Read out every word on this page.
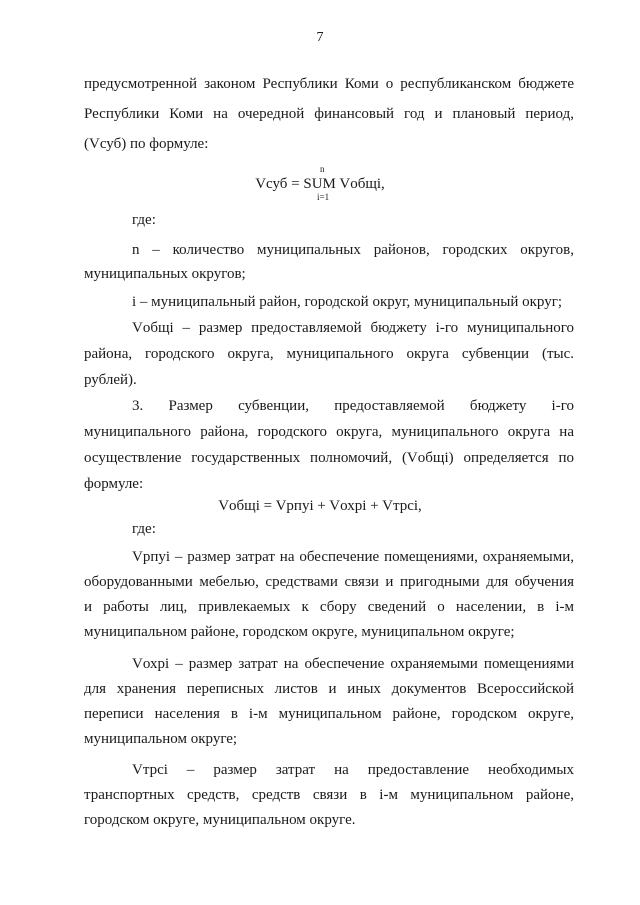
7
предусмотренной законом Республики Коми о республиканском бюджете
Республики Коми на очередной финансовый год и плановый период,
(Vсуб) по формуле:
n
Vсуб = SUM Vобщi,
i=1
где:
n – количество муниципальных районов, городских округов,
муниципальных округов;
i – муниципальный район, городской округ, муниципальный округ;
Vобщi – размер предоставляемой бюджету i-го муниципального
района, городского округа, муниципального округа субвенции (тыс.
рублей).
3. Размер субвенции, предоставляемой бюджету i-го
муниципального района, городского округа, муниципального округа на
осуществление государственных полномочий, (Vобщi) определяется по
формуле:
Vобщi = Vрпуi + Vохрi + Vтрсi,
где:
Vрпуi – размер затрат на обеспечение помещениями, охраняемыми,
оборудованными мебелью, средствами связи и пригодными для обучения
и работы лиц, привлекаемых к сбору сведений о населении, в i-м
муниципальном районе, городском округе, муниципальном округе;
Vохрi – размер затрат на обеспечение охраняемыми помещениями
для хранения переписных листов и иных документов Всероссийской
переписи населения в i-м муниципальном районе, городском округе,
муниципальном округе;
Vтрсi – размер затрат на предоставление необходимых
транспортных средств, средств связи в i-м муниципальном районе,
городском округе, муниципальном округе.
